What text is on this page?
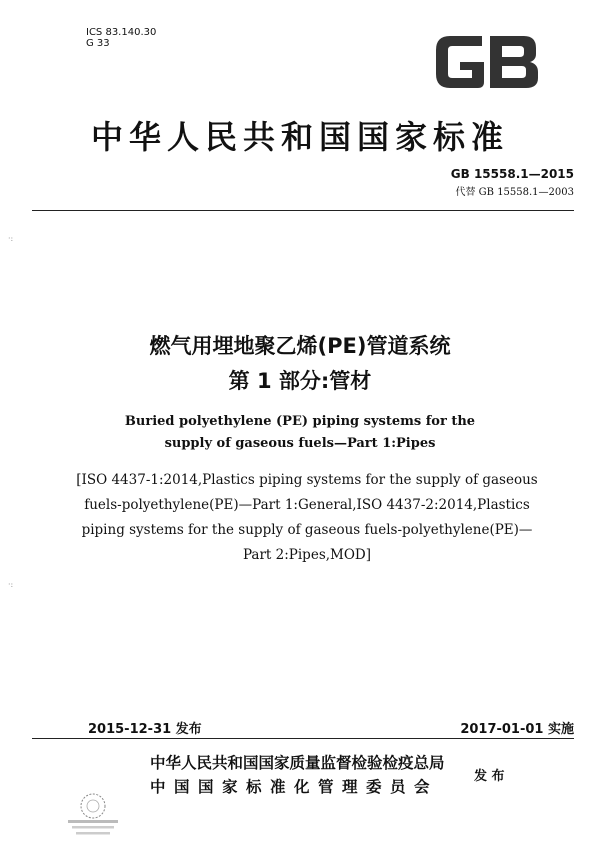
ICS 83.140.30
G 33
中华人民共和国国家标准
GB 15558.1—2015
代替 GB 15558.1—2003
·:
·:
燃气用埋地聚乙烯(PE)管道系统
第 1 部分:管材
Buried polyethylene (PE) piping systems for the
supply of gaseous fuels—Part 1:Pipes
[ISO 4437-1:2014,Plastics piping systems for the supply of gaseous fuels-polyethylene(PE)—Part 1:General,ISO 4437-2:2014,Plastics piping systems for the supply of gaseous fuels-polyethylene(PE)—Part 2:Pipes,MOD]
2015-12-31 发布	2017-01-01 实施
中华人民共和国国家质量监督检验检疫总局
中国国家标准化管理委员会
发 布
